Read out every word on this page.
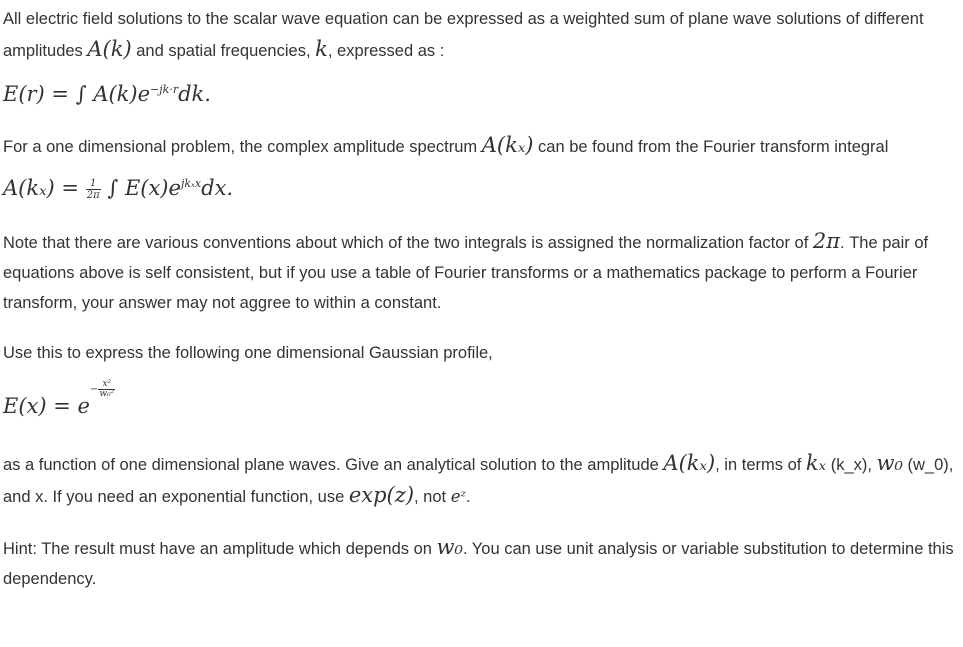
All electric field solutions to the scalar wave equation can be expressed as a weighted sum of plane wave solutions of different amplitudes A(k) and spatial frequencies, k, expressed as :

E(r) = ∫ $A(k)e^{-jk\cdot r}dk$.

For a one dimensional problem, the complex amplitude spectrum A(kₓ) can be found from the Fourier transform integral

$A(k_x) = \frac{1}{2\pi}$ ∫ $E(x)e^{jk_xx}dx$.

Note that there are various conventions about which of the two integrals is assigned the normalization factor of 2π. The pair of equations above is self consistent, but if you use a table of Fourier transforms or a mathematics package to perform a Fourier transform, your answer may not aggree to within a constant.

Use this to express the following one dimensional Gaussian profile,

$E(x) = e- \frac{\text{x²}}{\text{w₀²}}$

as a function of one dimensional plane waves. Give an analytical solution to the amplitude A(kₓ), in terms of kₓ (k_x), w₀ (w_0), and x. If you need an exponential function, use exp(z), not eᶻ.

Hint: The result must have an amplitude which depends on w₀. You can use unit analysis or variable substitution to determine this dependency.
